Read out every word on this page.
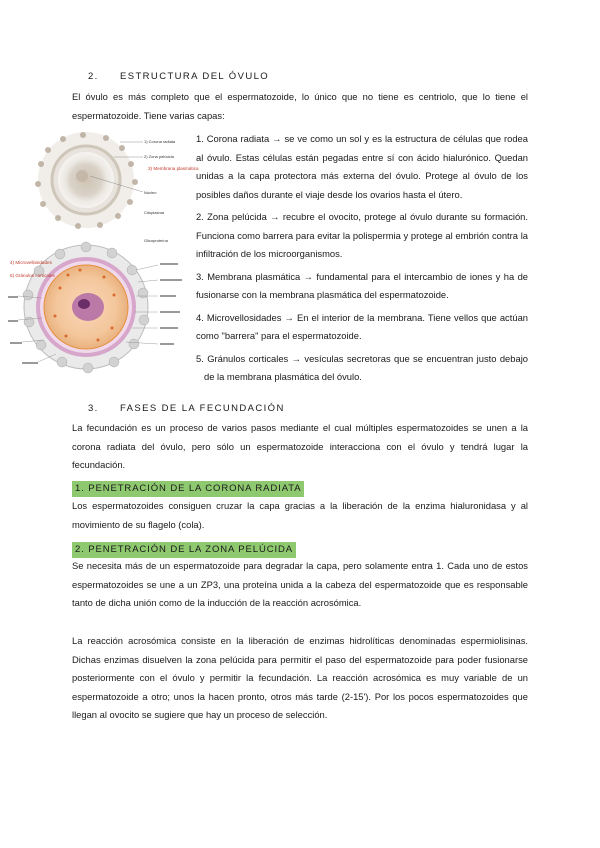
2. ESTRUCTURA DEL ÓVULO

El óvulo es más completo que el espermatozoide, lo único que no tiene es centriolo, que lo tiene el espermatozoide. Tiene varias capas:

1) Corona radiata
2) Zona pelúcida
3) Membrana plasmática
Núcleo
Citoplasma
Glicoproteína
4) Microvellosidades
5) Gránulos corticales

1. Corona radiata → se ve como un sol y es la estructura de células que rodea al óvulo. Estas células están pegadas entre sí con ácido hialurónico. Quedan unidas a la capa protectora más externa del óvulo. Protege al óvulo de los posibles daños durante el viaje desde los ovarios hasta el útero.

2. Zona pelúcida → recubre el ovocito, protege al óvulo durante su formación. Funciona como barrera para evitar la polispermia y protege al embrión contra la infiltración de los microorganismos.

3. Membrana plasmática → fundamental para el intercambio de iones y ha de fusionarse con la membrana plasmática del espermatozoide.

4. Microvellosidades → En el interior de la membrana. Tiene vellos que actúan como "barrera" para el espermatozoide.

5. Gránulos corticales → vesículas secretoras que se encuentran justo debajo de la membrana plasmática del óvulo.

3. FASES DE LA FECUNDACIÓN

La fecundación es un proceso de varios pasos mediante el cual múltiples espermatozoides se unen a la corona radiata del óvulo, pero sólo un espermatozoide interacciona con el óvulo y tendrá lugar la fecundación.

1. PENETRACIÓN DE LA CORONA RADIATA

Los espermatozoides consiguen cruzar la capa gracias a la liberación de la enzima hialuronidasa y al movimiento de su flagelo (cola).

2. PENETRACIÓN DE LA ZONA PELÚCIDA

Se necesita más de un espermatozoide para degradar la capa, pero solamente entra 1. Cada uno de estos espermatozoides se une a un ZP3, una proteína unida a la cabeza del espermatozoide que es responsable tanto de dicha unión como de la inducción de la reacción acrosómica.

La reacción acrosómica consiste en la liberación de enzimas hidrolíticas denominadas espermiolisinas. Dichas enzimas disuelven la zona pelúcida para permitir el paso del espermatozoide para poder fusionarse posteriormente con el óvulo y permitir la fecundación. La reacción acrosómica es muy variable de un espermatozoide a otro; unos la hacen pronto, otros más tarde (2-15'). Por los pocos espermatozoides que llegan al ovocito se sugiere que hay un proceso de selección.
